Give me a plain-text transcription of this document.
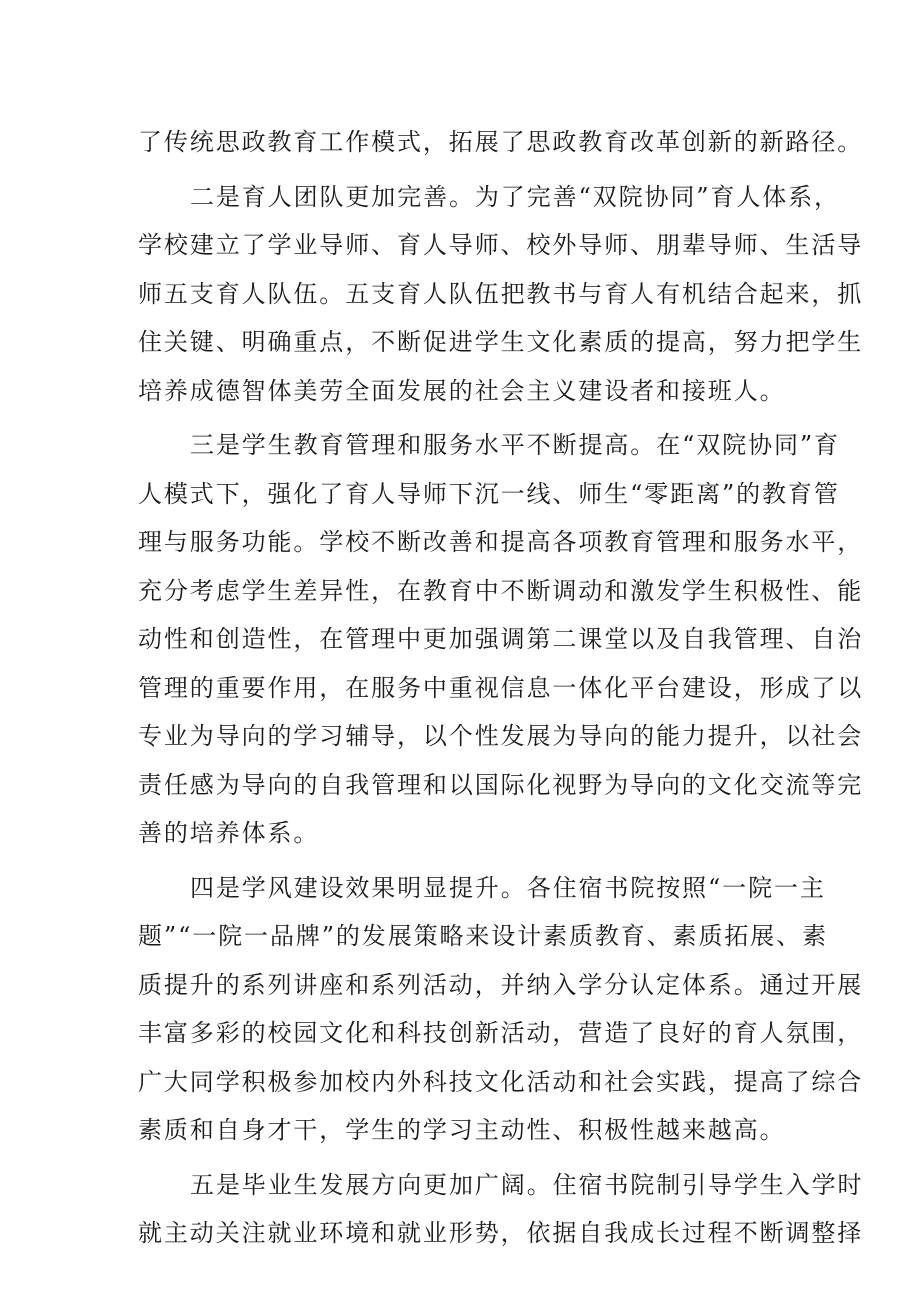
了传统思政教育工作模式，拓展了思政教育改革创新的新路径。
二是育人团队更加完善。为了完善“双院协同”育人体系，
学校建立了学业导师、育人导师、校外导师、朋辈导师、生活导
师五支育人队伍。五支育人队伍把教书与育人有机结合起来，抓
住关键、明确重点，不断促进学生文化素质的提高，努力把学生
培养成德智体美劳全面发展的社会主义建设者和接班人。
三是学生教育管理和服务水平不断提高。在“双院协同”育
人模式下，强化了育人导师下沉一线、师生“零距离”的教育管
理与服务功能。学校不断改善和提高各项教育管理和服务水平，
充分考虑学生差异性，在教育中不断调动和激发学生积极性、能
动性和创造性，在管理中更加强调第二课堂以及自我管理、自治
管理的重要作用，在服务中重视信息一体化平台建设，形成了以
专业为导向的学习辅导，以个性发展为导向的能力提升，以社会
责任感为导向的自我管理和以国际化视野为导向的文化交流等完
善的培养体系。
四是学风建设效果明显提升。各住宿书院按照“一院一主
题”“一院一品牌”的发展策略来设计素质教育、素质拓展、素
质提升的系列讲座和系列活动，并纳入学分认定体系。通过开展
丰富多彩的校园文化和科技创新活动，营造了良好的育人氛围，
广大同学积极参加校内外科技文化活动和社会实践，提高了综合
素质和自身才干，学生的学习主动性、积极性越来越高。
五是毕业生发展方向更加广阔。住宿书院制引导学生入学时
就主动关注就业环境和就业形势，依据自我成长过程不断调整择
